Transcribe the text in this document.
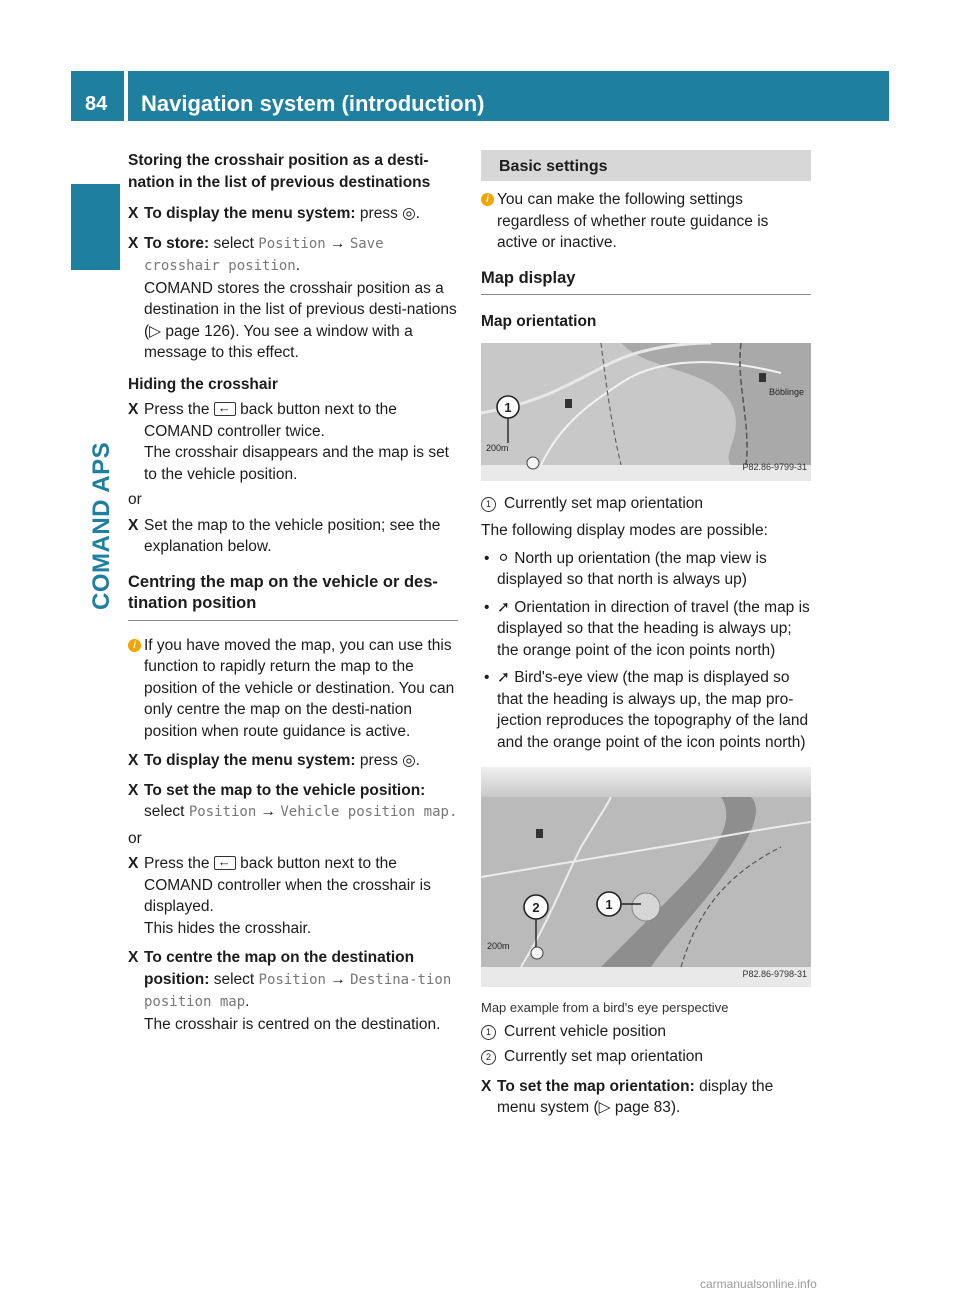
84 Navigation system (introduction)
COMAND APS
Storing the crosshair position as a desti-nation in the list of previous destinations
X To display the menu system: press ◎.
X To store: select Position → Save crosshair position.
COMAND stores the crosshair position as a destination in the list of previous desti-nations (▷ page 126). You see a window with a message to this effect.
Hiding the crosshair
X Press the ← back button next to the COMAND controller twice.
The crosshair disappears and the map is set to the vehicle position.
or
X Set the map to the vehicle position; see the explanation below.
Centring the map on the vehicle or des-tination position
i If you have moved the map, you can use this function to rapidly return the map to the position of the vehicle or destination. You can only centre the map on the desti-nation position when route guidance is active.
X To display the menu system: press ◎.
X To set the map to the vehicle position:
select Position → Vehicle position map.
or
X Press the ← back button next to the COMAND controller when the crosshair is displayed.
This hides the crosshair.
X To centre the map on the destination position: select Position → Destina-tion position map.
The crosshair is centred on the destination.
Basic settings
i You can make the following settings regardless of whether route guidance is active or inactive.
Map display
Map orientation
1
200m
Böblinge
P82.86-9799-31
1 Currently set map orientation
The following display modes are possible:
• ⚪ North up orientation (the map view is displayed so that north is always up)
• ➚ Orientation in direction of travel (the map is displayed so that the heading is always up; the orange point of the icon points north)
• ➚ Bird's-eye view (the map is displayed so that the heading is always up, the map pro-jection reproduces the topography of the land and the orange point of the icon points north)
2	1
200m
P82.86-9798-31
Map example from a bird's eye perspective
1 Current vehicle position
2 Currently set map orientation
X To set the map orientation: display the menu system (▷ page 83).
carmanualsonline.info
